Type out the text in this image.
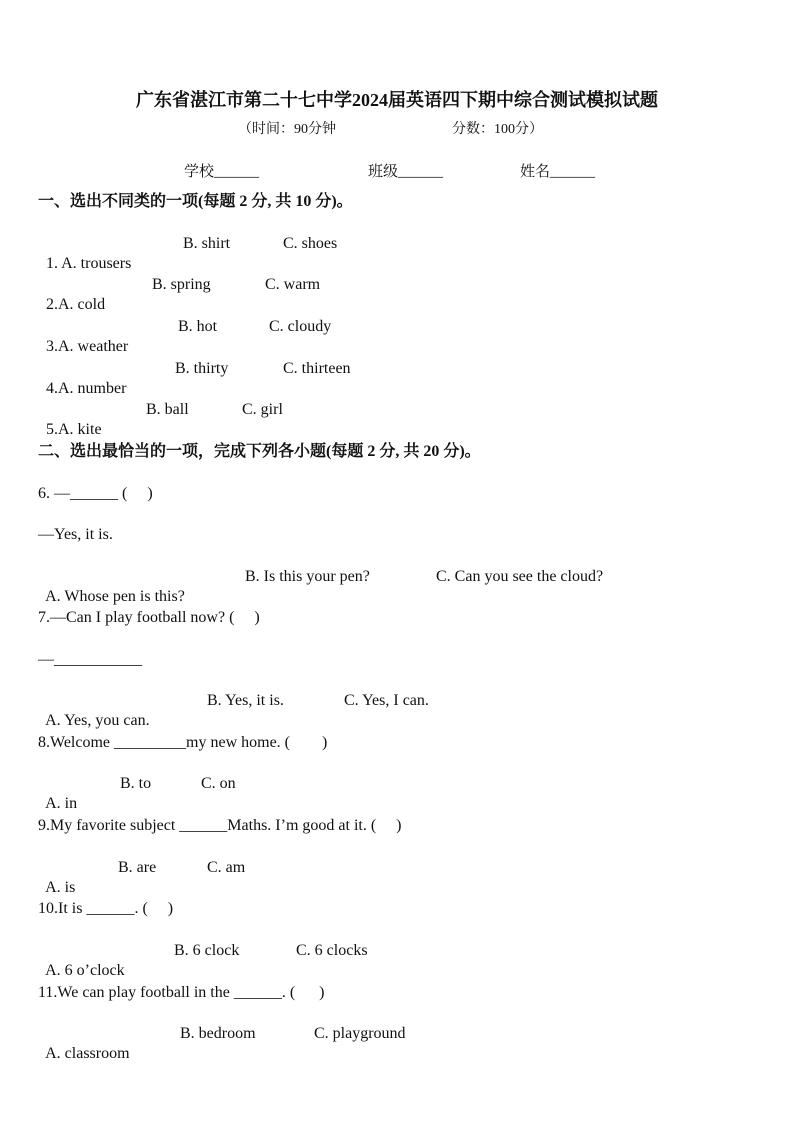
广东省湛江市第二十七中学2024届英语四下期中综合测试模拟试题
（时间：90分钟	分数：100分）
学校______	班级______	姓名______
一、选出不同类的一项(每题 2 分, 共 10 分)。

1. A. trousers

B. shirt

	C. shoes

2.A. cold

B. spring

	C. warm

3.A. weather

B. hot

	C. cloudy

4.A. number

B. thirty

	C. thirteen

5.A. kite

B. ball

	C. girl

二、选出最恰当的一项，完成下列各小题(每题 2 分, 共 20 分)。
6. —______ (     )
—Yes, it is.

A. Whose pen is this?

B. Is this your pen?

	C. Can you see the cloud?

7.—Can I play football now? (     )
—___________

A. Yes, you can.

B. Yes, it is.

	C. Yes, I can.

8.Welcome _________my new home. (        )

A. in

B. to

	C. on

9.My favorite subject ______Maths. I’m good at it. (     )

A. is

B. are

	C. am

10.It is ______. (     )

A. 6 o’clock

B. 6 clock

	C. 6 clocks

11.We can play football in the ______. (      )

A. classroom

B. bedroom

	C. playground
